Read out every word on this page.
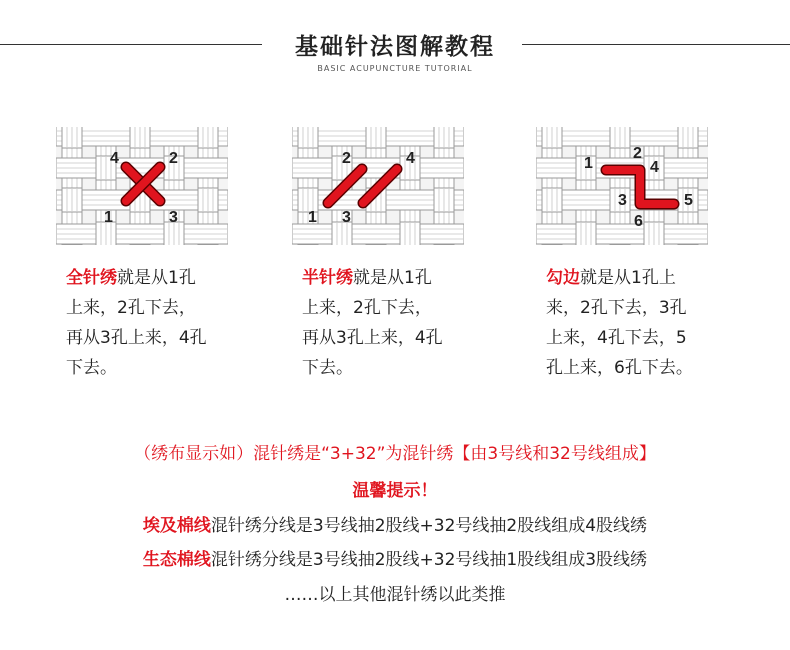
基础针法图解教程
BASIC ACUPUNCTURE TUTORIAL
4	2
1	3
2	4
1 3
1
2
4
3	5
6
全针绣就是从1孔
上来，2孔下去，
再从3孔上来，4孔
下去。
半针绣就是从1孔
上来，2孔下去，
再从3孔上来，4孔
下去。
勾边就是从1孔上
来，2孔下去，3孔
上来，4孔下去，5
孔上来，6孔下去。
（绣布显示如）混针绣是“3+32”为混针绣【由3号线和32号线组成】
温馨提示！
埃及棉线混针绣分线是3号线抽2股线+32号线抽2股线组成4股线绣
生态棉线混针绣分线是3号线抽2股线+32号线抽1股线组成3股线绣
……以上其他混针绣以此类推
